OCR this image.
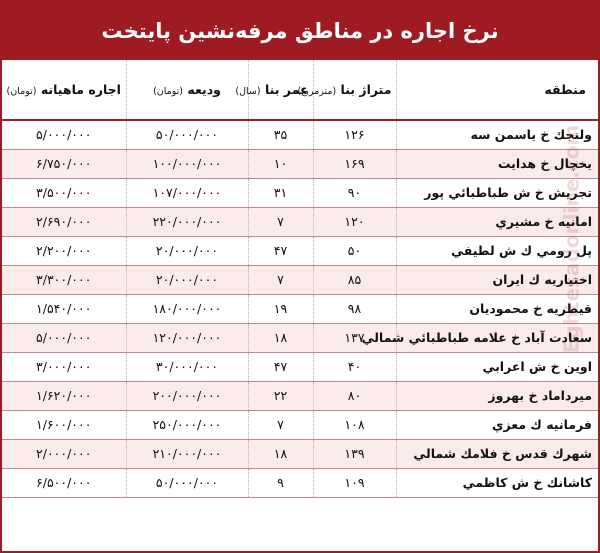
نرخ اجاره در مناطق مرفه‌نشين پايتخت
منطقه	متراژ بنا (مترمربع)	عمر بنا (سال)	وديعه (تومان)	اجاره ماهيانه (تومان)
ولنجك خ ياسمن سه	۱۲۶	۳۵	۵۰/۰۰۰/۰۰۰	۵/۰۰۰/۰۰۰
يخچال خ هدايت	۱۶۹	۱۰	۱۰۰/۰۰۰/۰۰۰	۶/۷۵۰/۰۰۰
تجريش خ ش طباطبائي پور	۹۰	۳۱	۱۰۷/۰۰۰/۰۰۰	۳/۵۰۰/۰۰۰
امانيه خ مشيري	۱۲۰	۷	۲۲۰/۰۰۰/۰۰۰	۲/۶۹۰/۰۰۰
پل رومي ك ش لطيفي	۵۰	۴۷	۲۰/۰۰۰/۰۰۰	۲/۲۰۰/۰۰۰
اختياريه ك ايران	۸۵	۷	۲۰/۰۰۰/۰۰۰	۳/۳۰۰/۰۰۰
قيطريه خ محموديان	۹۸	۱۹	۱۸۰/۰۰۰/۰۰۰	۱/۵۴۰/۰۰۰
سعادت آباد خ علامه طباطبائي شمالي	۱۳۷	۱۸	۱۲۰/۰۰۰/۰۰۰	۵/۰۰۰/۰۰۰
اوين خ ش اعرابي	۴۰	۴۷	۳۰/۰۰۰/۰۰۰	۳/۰۰۰/۰۰۰
ميرداماد خ بهروز	۸۰	۲۲	۲۰۰/۰۰۰/۰۰۰	۱/۶۲۰/۰۰۰
فرمانيه ك معزي	۱۰۸	۷	۲۵۰/۰۰۰/۰۰۰	۱/۶۰۰/۰۰۰
شهرك قدس خ فلامك شمالي	۱۳۹	۱۸	۲۱۰/۰۰۰/۰۰۰	۲/۰۰۰/۰۰۰
كاشانك خ ش كاظمي	۱۰۹	۹	۵۰/۰۰۰/۰۰۰	۶/۵۰۰/۰۰۰
Eghtesadonline.com
